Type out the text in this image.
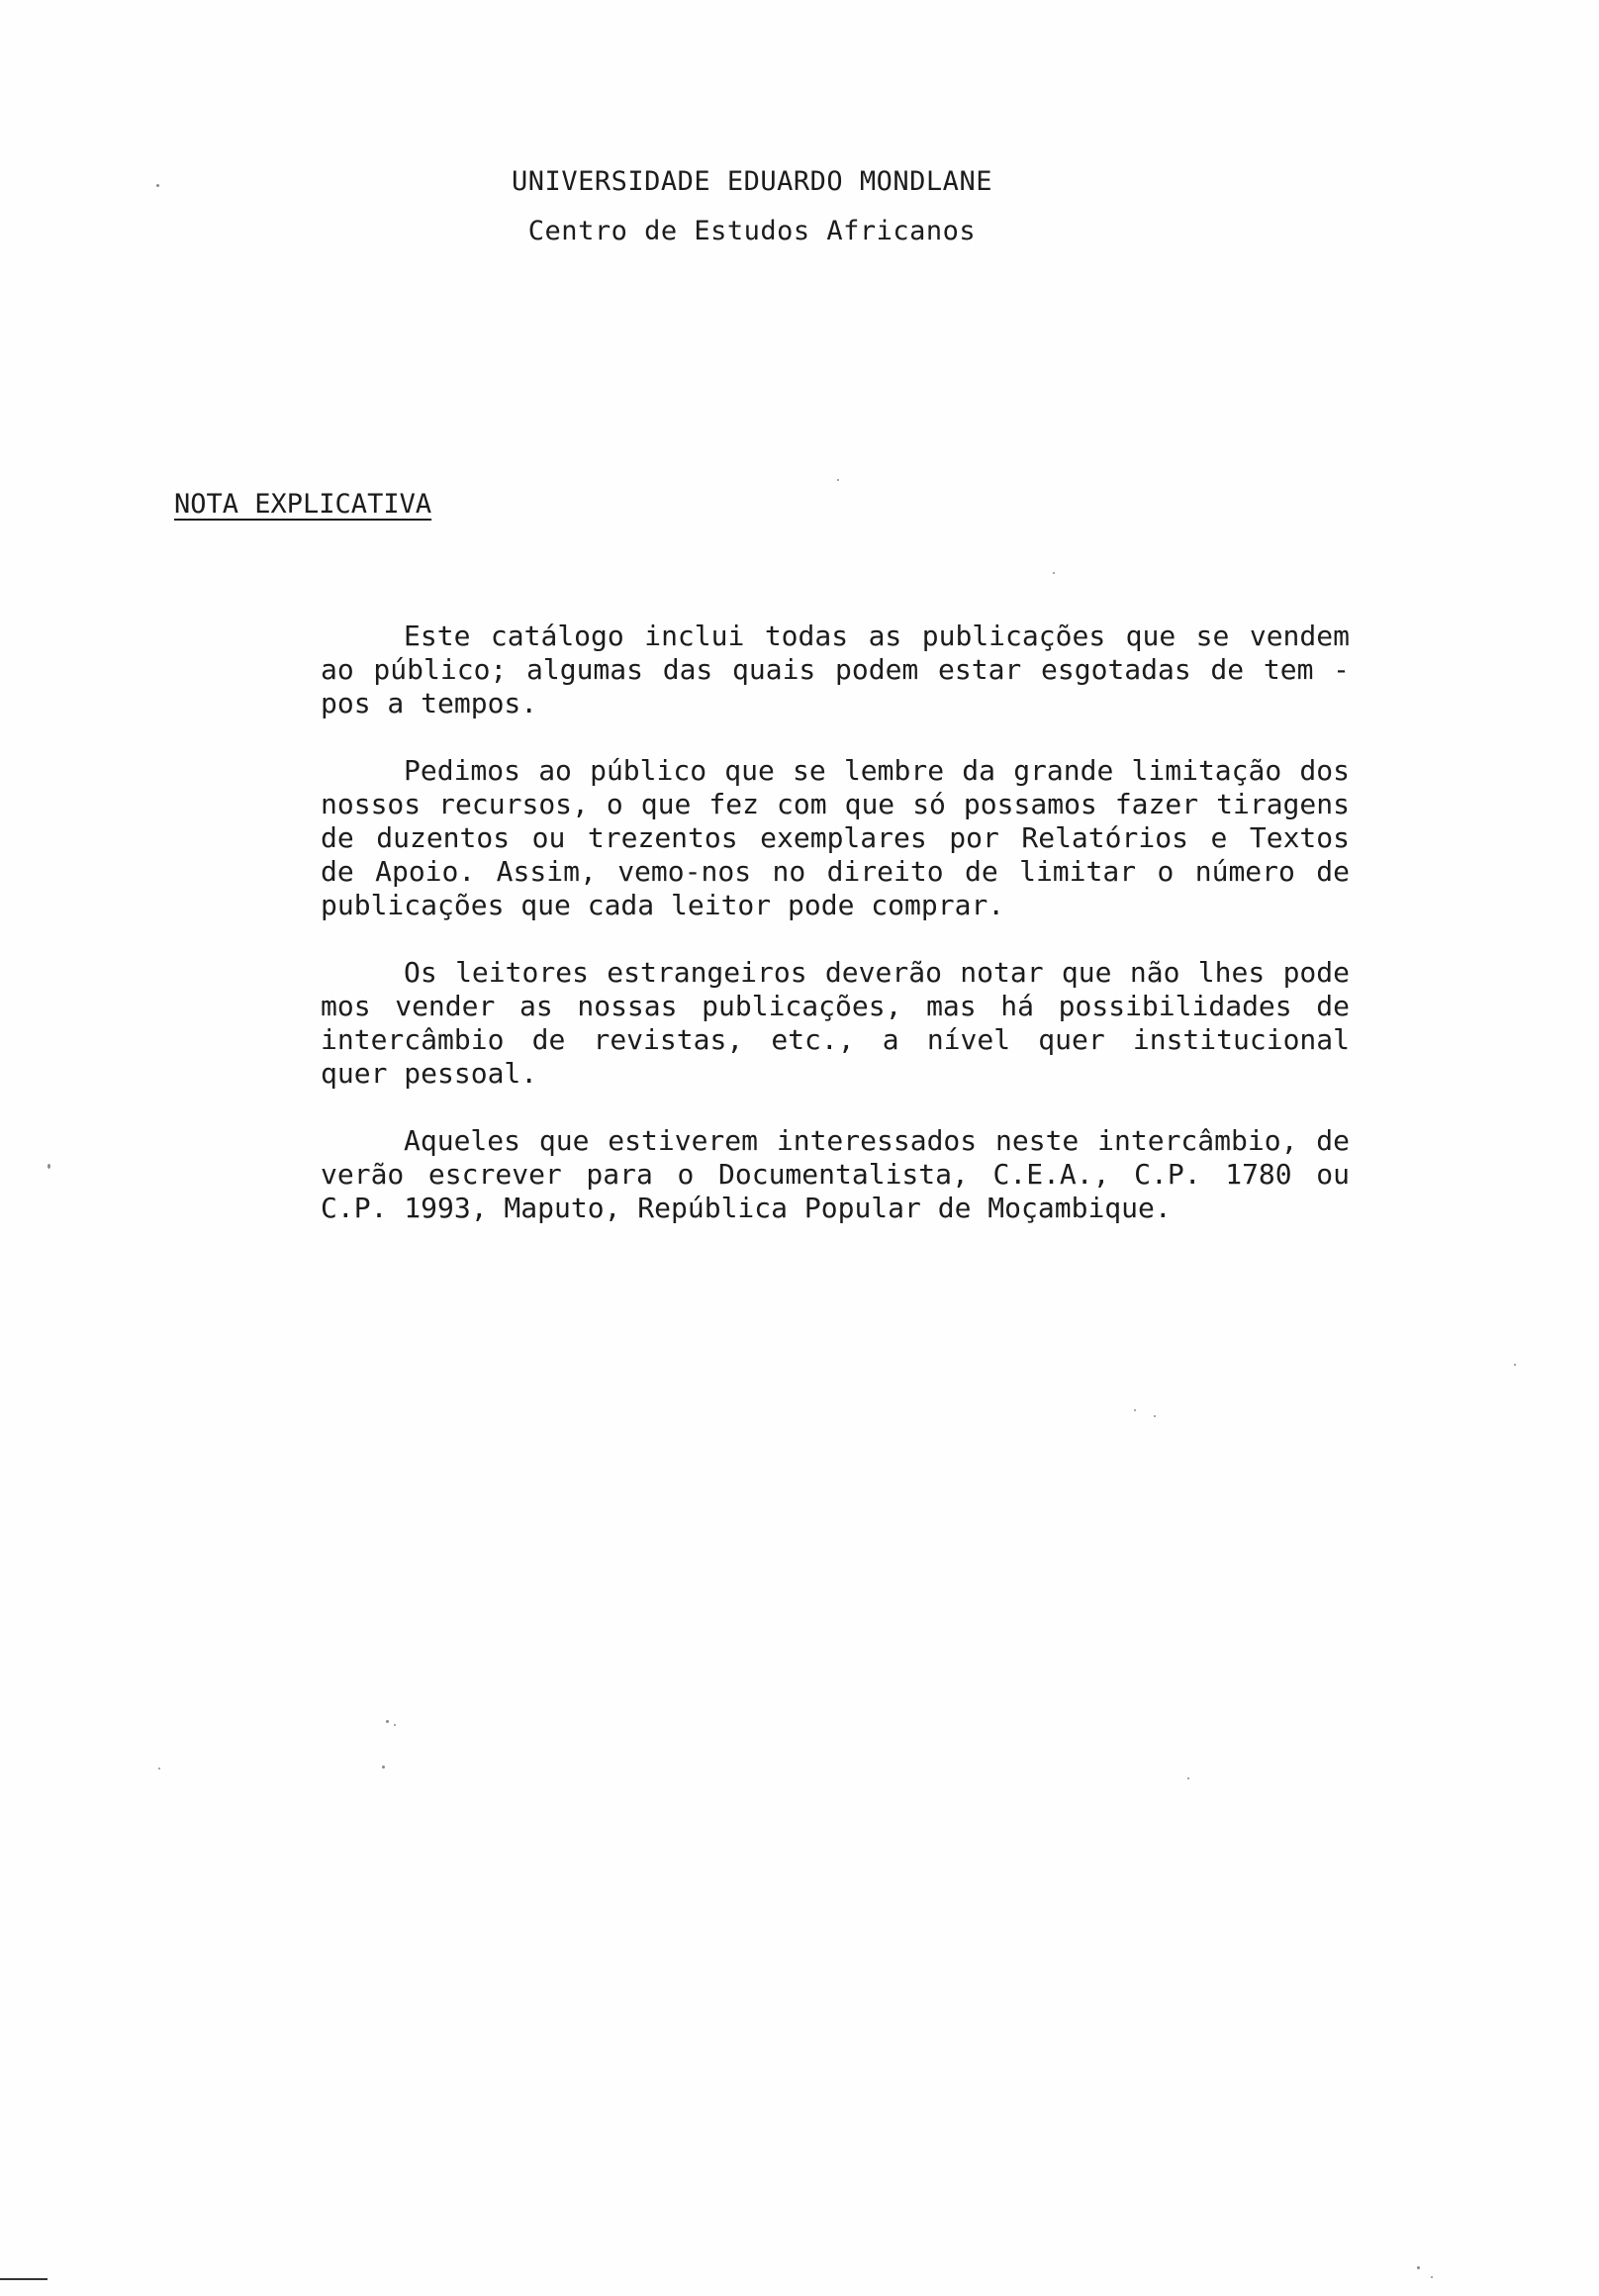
UNIVERSIDADE EDUARDO MONDLANE
Centro de Estudos Africanos
NOTA EXPLICATIVA

Este catálogo inclui todas as publicações que se vendem ao público; algumas das quais podem estar esgotadas de tem - pos a tempos.

Pedimos ao público que se lembre da grande limitação dos nossos recursos, o que fez com que só possamos fazer tiragens de duzentos ou trezentos exemplares por Relatórios e Textos de Apoio. Assim, vemo-nos no direito de limitar o número de publicações que cada leitor pode comprar.

Os leitores estrangeiros deverão notar que não lhes pode mos vender as nossas publicações, mas há possibilidades de intercâmbio de revistas, etc., a nível quer institucional quer pessoal.

Aqueles que estiverem interessados neste intercâmbio, de verão escrever para o Documentalista, C.E.A., C.P. 1780 ou C.P. 1993, Maputo, República Popular de Moçambique.
